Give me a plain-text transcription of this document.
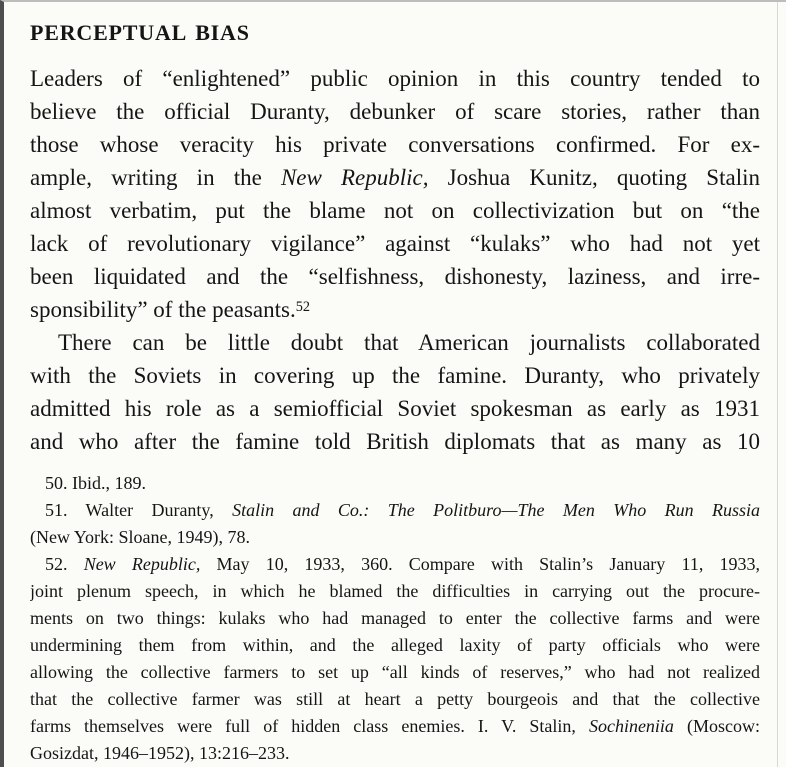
PERCEPTUAL BIAS
Leaders of “enlightened” public opinion in this country tended to
believe the official Duranty, debunker of scare stories, rather than
those whose veracity his private conversations confirmed. For ex-
ample, writing in the New Republic, Joshua Kunitz, quoting Stalin
almost verbatim, put the blame not on collectivization but on “the
lack of revolutionary vigilance” against “kulaks” who had not yet
been liquidated and the “selfishness, dishonesty, laziness, and irre-
sponsibility” of the peasants.$^{52}$
There can be little doubt that American journalists collaborated
with the Soviets in covering up the famine. Duranty, who privately
admitted his role as a semiofficial Soviet spokesman as early as 1931
and who after the famine told British diplomats that as many as 10
50. Ibid., 189.
51. Walter Duranty, Stalin and Co.: The Politburo—The Men Who Run Russia
(New York: Sloane, 1949), 78.
52. New Republic, May 10, 1933, 360. Compare with Stalin’s January 11, 1933,
joint plenum speech, in which he blamed the difficulties in carrying out the procure-
ments on two things: kulaks who had managed to enter the collective farms and were
undermining them from within, and the alleged laxity of party officials who were
allowing the collective farmers to set up “all kinds of reserves,” who had not realized
that the collective farmer was still at heart a petty bourgeois and that the collective
farms themselves were full of hidden class enemies. I. V. Stalin, Sochineniia (Moscow:
Gosizdat, 1946–1952), 13:216–233.
